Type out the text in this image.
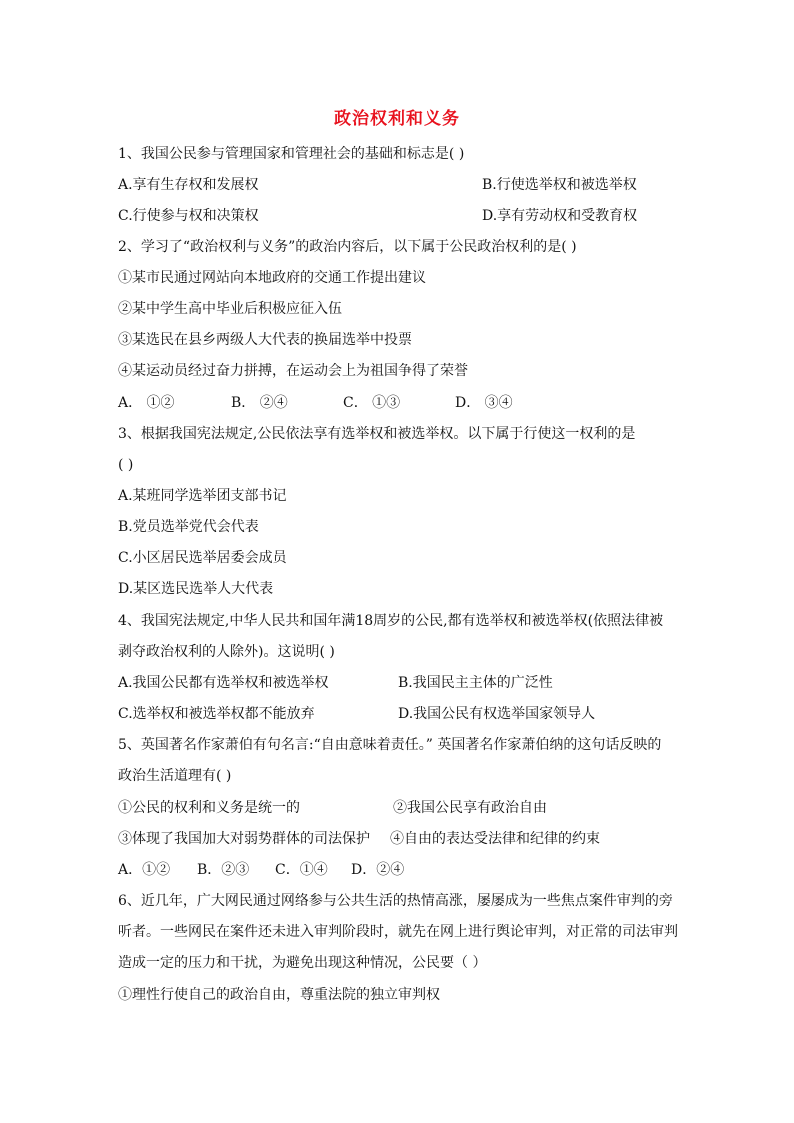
政治权利和义务
1、我国公民参与管理国家和管理社会的基础和标志是( )
A.享有生存权和发展权	B.行使选举权和被选举权
C.行使参与权和决策权	D.享有劳动权和受教育权
2、学习了“政治权利与义务”的政治内容后，以下属于公民政治权利的是( )
①某市民通过网站向本地政府的交通工作提出建议
②某中学生高中毕业后积极应征入伍
③某选民在县乡两级人大代表的换届选举中投票
④某运动员经过奋力拼搏，在运动会上为祖国争得了荣誉
A． ①②	B． ②④	C． ①③	D． ③④
3、根据我国宪法规定,公民依法享有选举权和被选举权。以下属于行使这一权利的是
( )
A.某班同学选举团支部书记
B.党员选举党代会代表
C.小区居民选举居委会成员
D.某区选民选举人大代表
4、我国宪法规定,中华人民共和国年满18周岁的公民,都有选举权和被选举权(依照法律被
剥夺政治权利的人除外)。这说明( )
A.我国公民都有选举权和被选举权	B.我国民主主体的广泛性
C.选举权和被选举权都不能放弃	D.我国公民有权选举国家领导人
5、英国著名作家萧伯有句名言:“自由意味着责任。” 英国著名作家萧伯纳的这句话反映的
政治生活道理有( )
①公民的权利和义务是统一的	②我国公民享有政治自由
③体现了我国加大对弱势群体的司法保护 ④自由的表达受法律和纪律的约束
A．①② B．②③ C．①④ D．②④
6、近几年，广大网民通过网络参与公共生活的热情高涨，屡屡成为一些焦点案件审判的旁
听者。一些网民在案件还未进入审判阶段时，就先在网上进行舆论审判，对正常的司法审判
造成一定的压力和干扰，为避免出现这种情况，公民要（ ）
①理性行使自己的政治自由，尊重法院的独立审判权
